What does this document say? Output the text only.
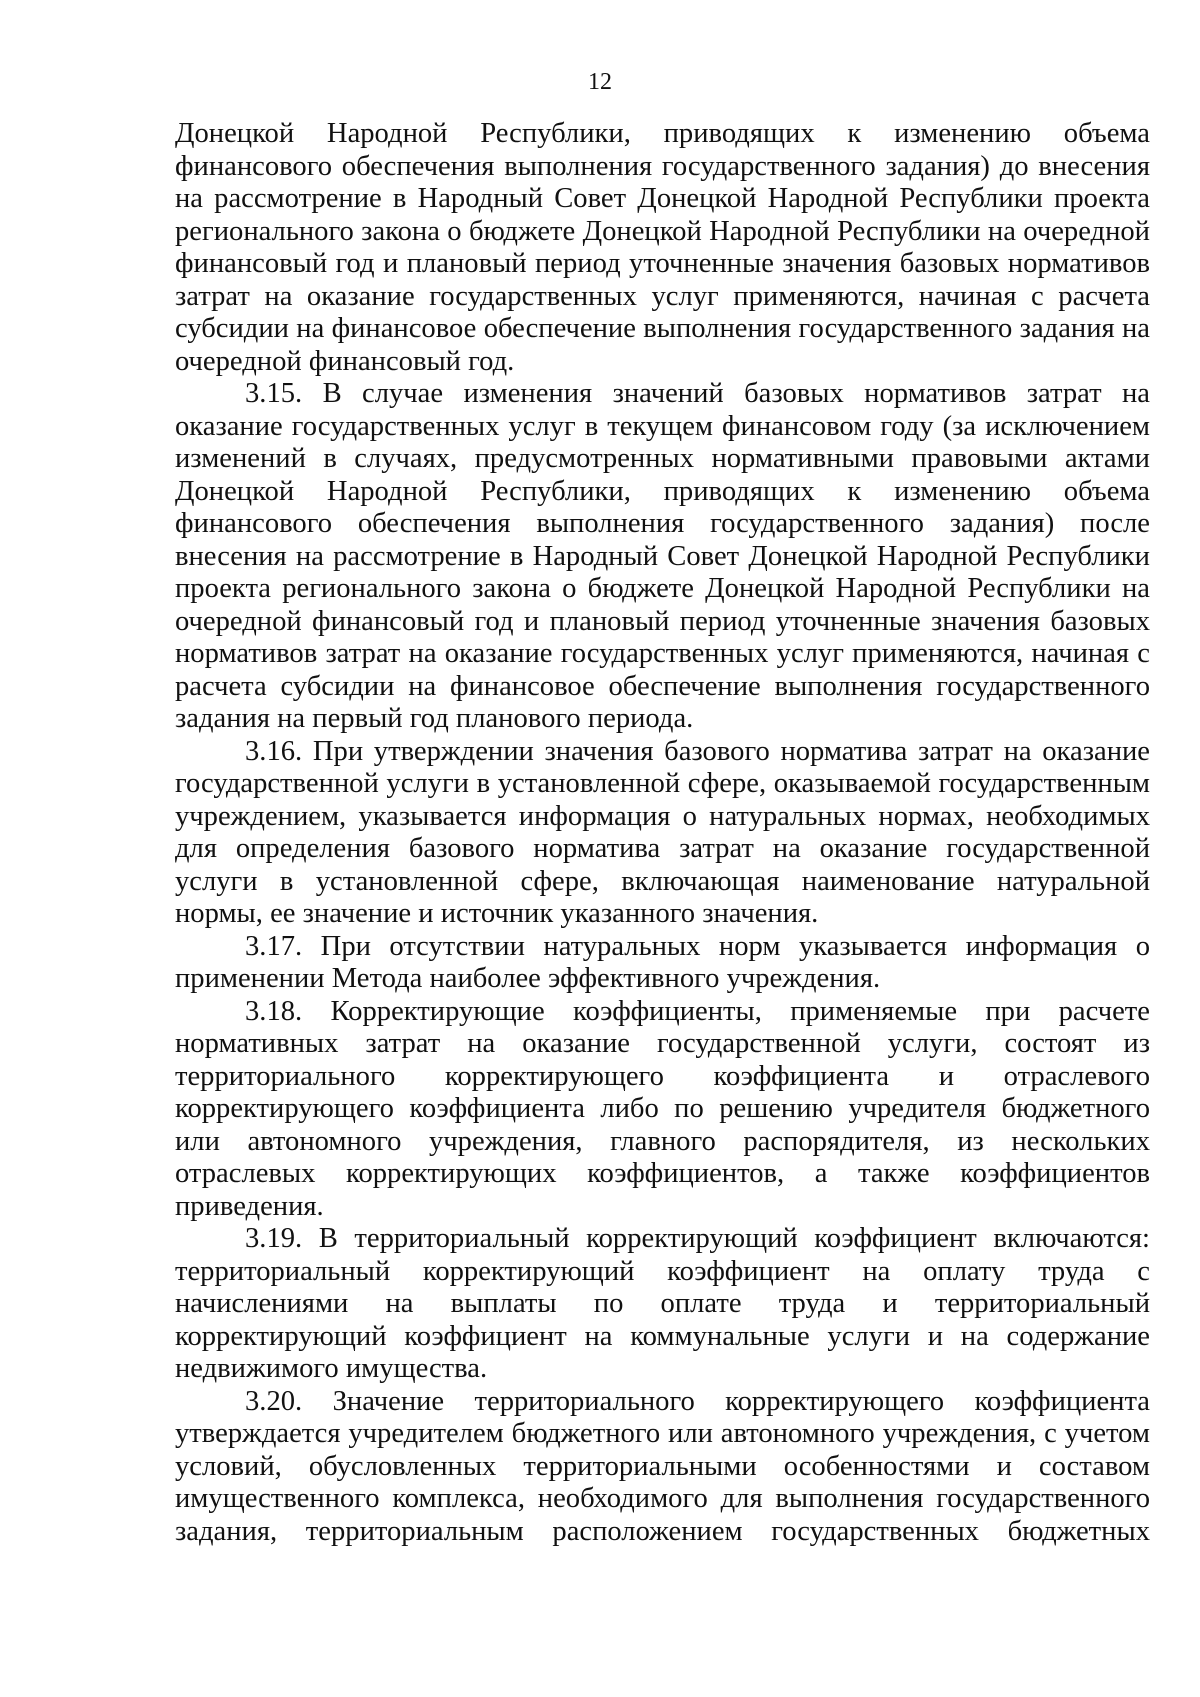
12

Донецкой Народной Республики, приводящих к изменению объема финансового обеспечения выполнения государственного задания) до внесения на рассмотрение в Народный Совет Донецкой Народной Республики проекта регионального закона о бюджете Донецкой Народной Республики на очередной финансовый год и плановый период уточненные значения базовых нормативов затрат на оказание государственных услуг применяются, начиная с расчета субсидии на финансовое обеспечение выполнения государственного задания на очередной финансовый год.

3.15. В случае изменения значений базовых нормативов затрат на оказание государственных услуг в текущем финансовом году (за исключением изменений в случаях, предусмотренных нормативными правовыми актами Донецкой Народной Республики, приводящих к изменению объема финансового обеспечения выполнения государственного задания) после внесения на рассмотрение в Народный Совет Донецкой Народной Республики проекта регионального закона о бюджете Донецкой Народной Республики на очередной финансовый год и плановый период уточненные значения базовых нормативов затрат на оказание государственных услуг применяются, начиная с расчета субсидии на финансовое обеспечение выполнения государственного задания на первый год планового периода.

3.16. При утверждении значения базового норматива затрат на оказание государственной услуги в установленной сфере, оказываемой государственным учреждением, указывается информация о натуральных нормах, необходимых для определения базового норматива затрат на оказание государственной услуги в установленной сфере, включающая наименование натуральной нормы, ее значение и источник указанного значения.

3.17. При отсутствии натуральных норм указывается информация о применении Метода наиболее эффективного учреждения.

3.18. Корректирующие коэффициенты, применяемые при расчете нормативных затрат на оказание государственной услуги, состоят из территориального корректирующего коэффициента и отраслевого корректирующего коэффициента либо по решению учредителя бюджетного или автономного учреждения, главного распорядителя, из нескольких отраслевых корректирующих коэффициентов, а также коэффициентов приведения.

3.19. В территориальный корректирующий коэффициент включаются: территориальный корректирующий коэффициент на оплату труда с начислениями на выплаты по оплате труда и территориальный корректирующий коэффициент на коммунальные услуги и на содержание недвижимого имущества.

3.20. Значение территориального корректирующего коэффициента утверждается учредителем бюджетного или автономного учреждения, с учетом условий, обусловленных территориальными особенностями и составом имущественного комплекса, необходимого для выполнения государственного задания, территориальным расположением государственных бюджетных
